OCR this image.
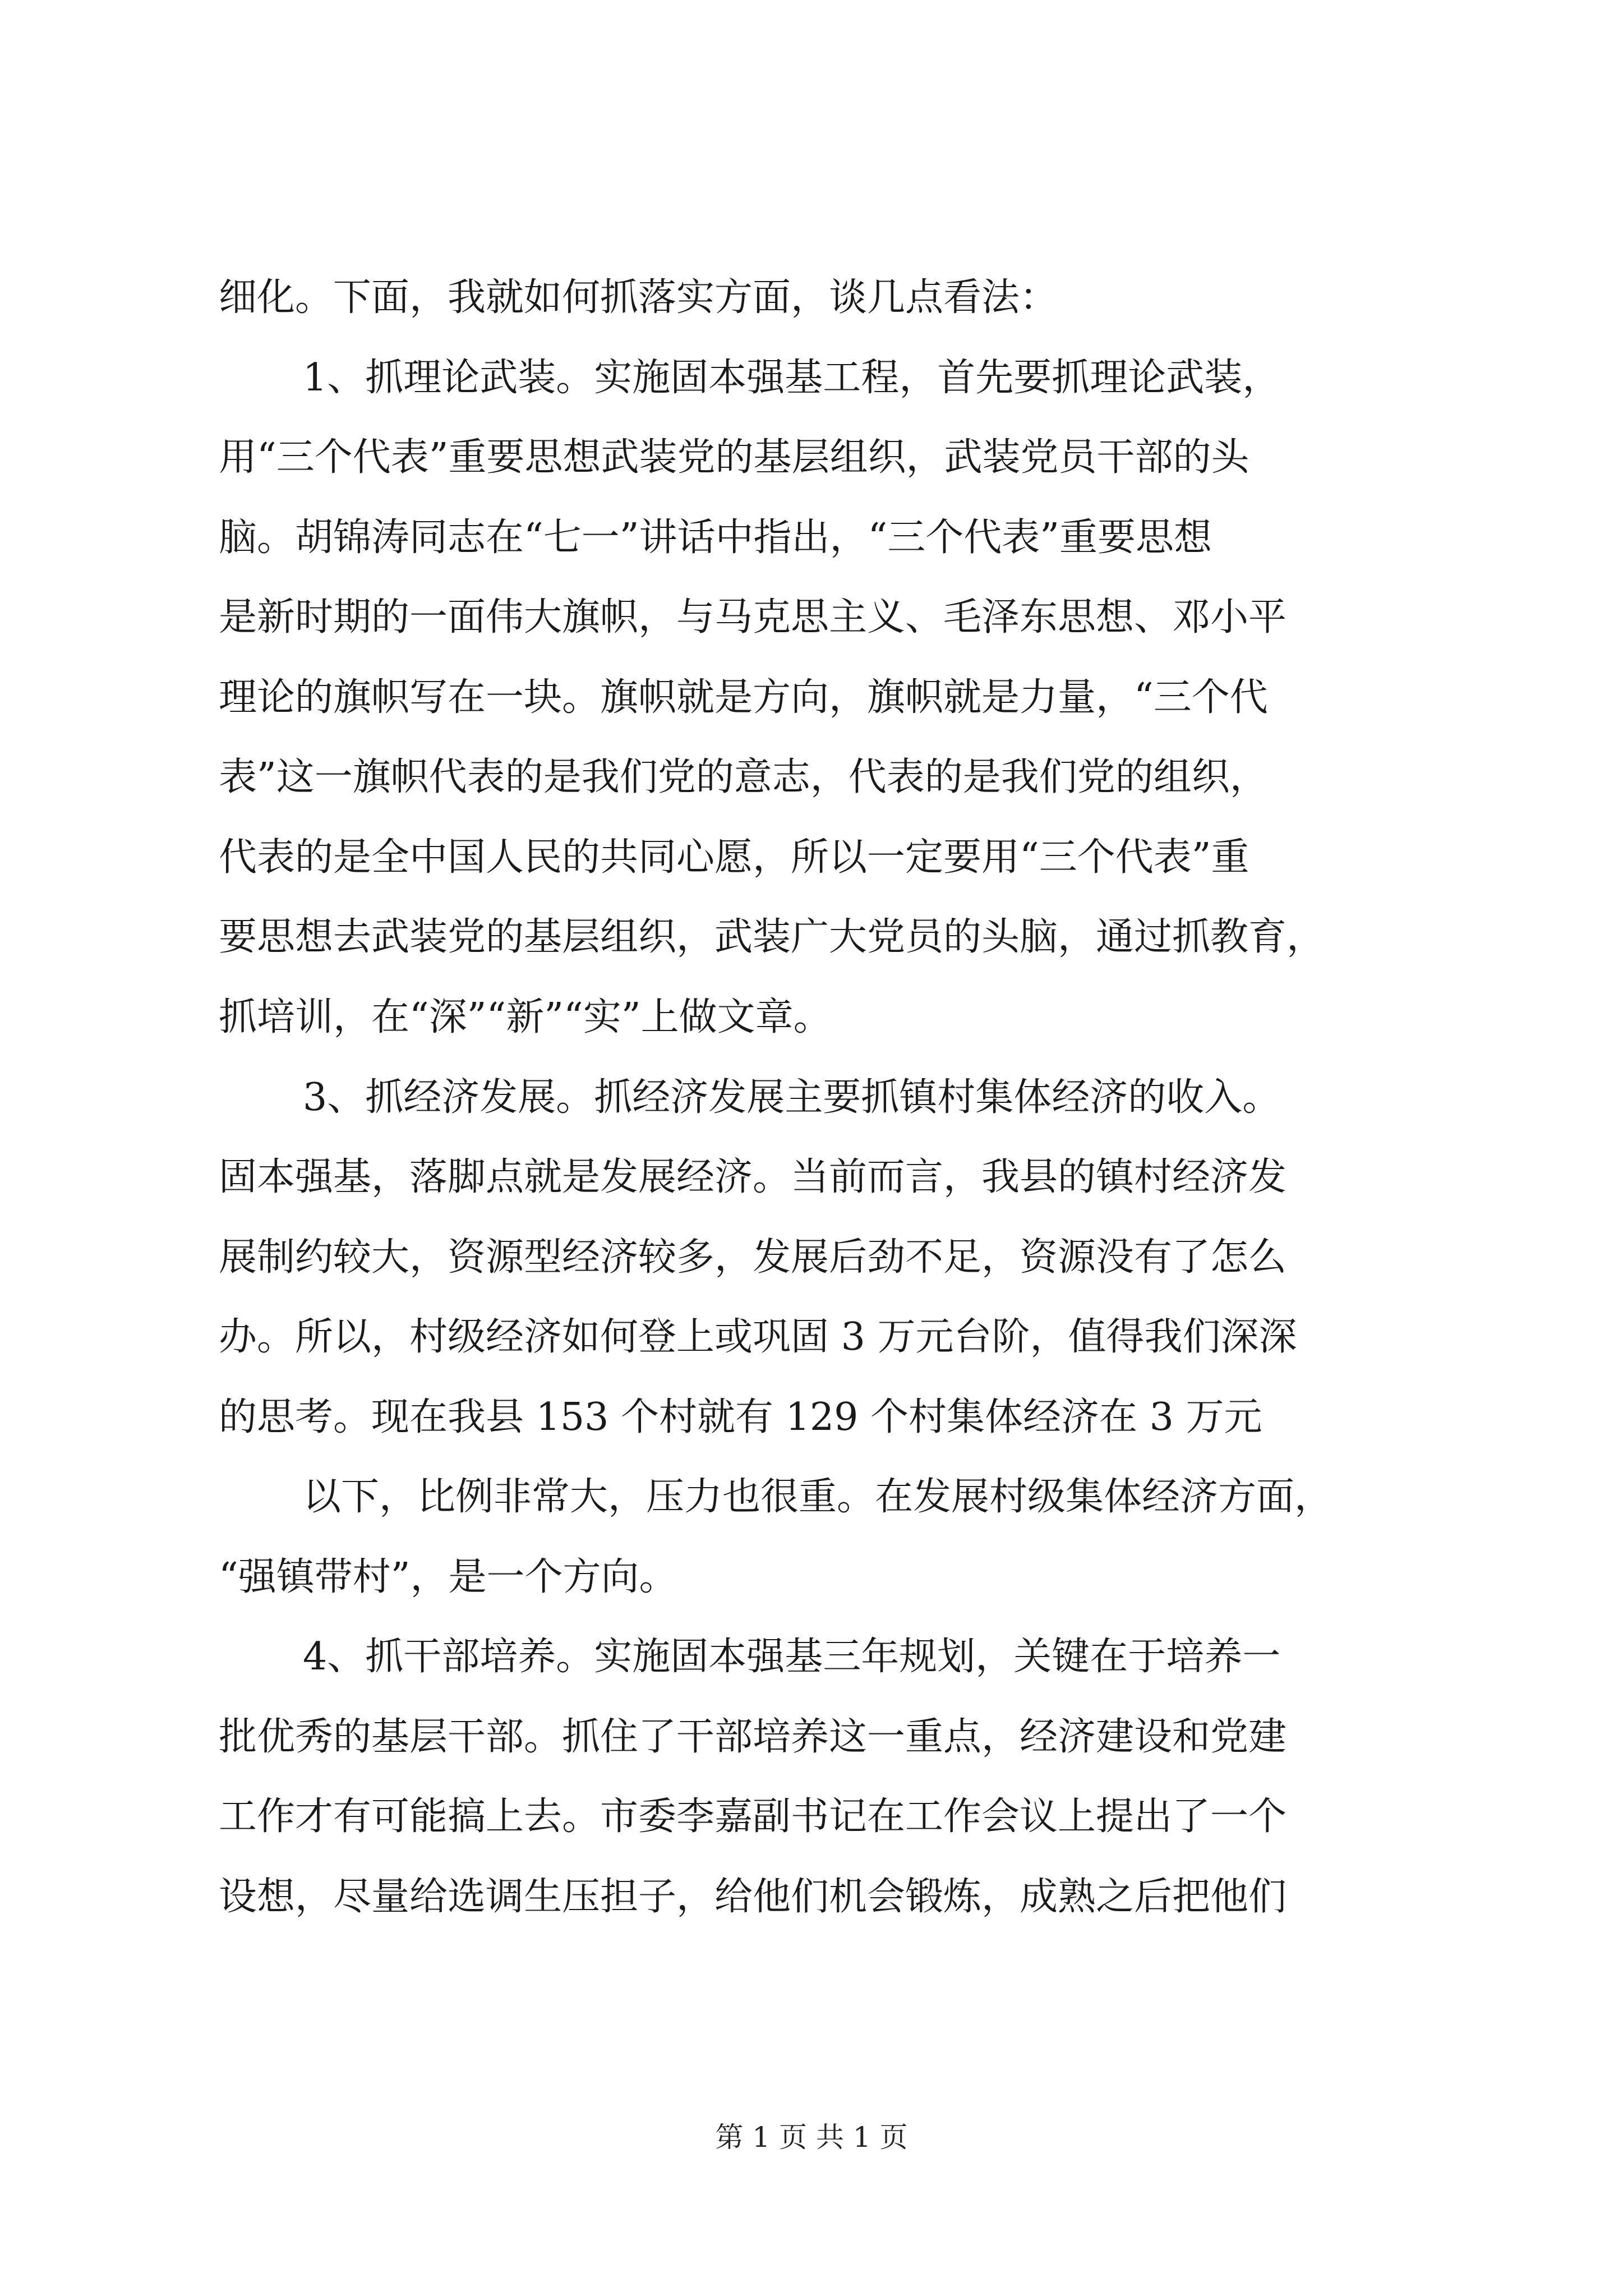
细化。下面，我就如何抓落实方面，谈几点看法：
1、抓理论武装。实施固本强基工程，首先要抓理论武装，
用“三个代表”重要思想武装党的基层组织，武装党员干部的头
脑。胡锦涛同志在“七一”讲话中指出，“三个代表”重要思想
是新时期的一面伟大旗帜，与马克思主义、毛泽东思想、邓小平
理论的旗帜写在一块。旗帜就是方向，旗帜就是力量，“三个代
表”这一旗帜代表的是我们党的意志，代表的是我们党的组织，
代表的是全中国人民的共同心愿，所以一定要用“三个代表”重
要思想去武装党的基层组织，武装广大党员的头脑，通过抓教育，
抓培训，在“深”“新”“实”上做文章。
3、抓经济发展。抓经济发展主要抓镇村集体经济的收入。
固本强基，落脚点就是发展经济。当前而言，我县的镇村经济发
展制约较大，资源型经济较多，发展后劲不足，资源没有了怎么
办。所以，村级经济如何登上或巩固 3 万元台阶，值得我们深深
的思考。现在我县 153 个村就有 129 个村集体经济在 3 万元
以下，比例非常大，压力也很重。在发展村级集体经济方面，
“强镇带村”，是一个方向。
4、抓干部培养。实施固本强基三年规划，关键在于培养一
批优秀的基层干部。抓住了干部培养这一重点，经济建设和党建
工作才有可能搞上去。市委李嘉副书记在工作会议上提出了一个
设想，尽量给选调生压担子，给他们机会锻炼，成熟之后把他们
第 1 页 共 1 页
